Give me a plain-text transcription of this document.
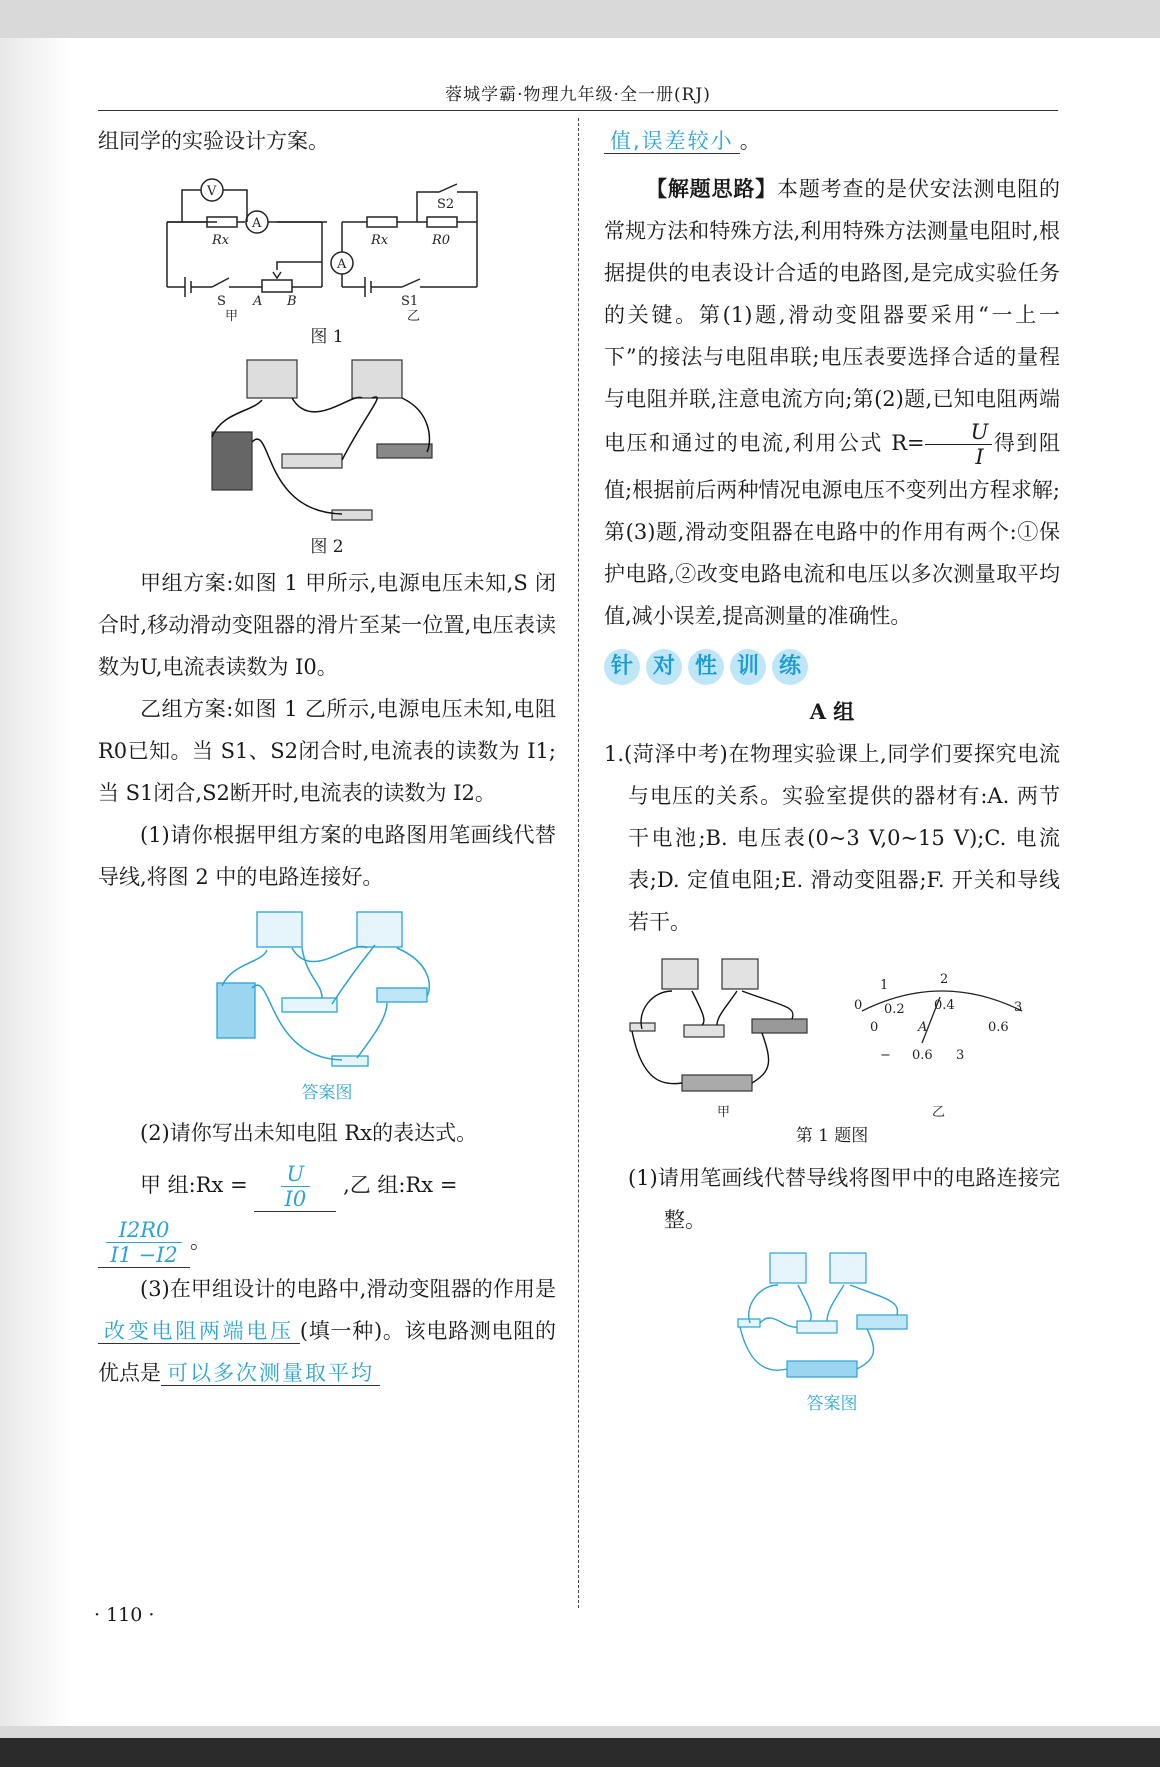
蓉城学霸·物理九年级·全一册(RJ)

组同学的实验设计方案。

V
A
Rx
S A B
甲
A
Rx	R0
S2
S1
乙

图 1

图 2

甲组方案:如图 1 甲所示,电源电压未知,S 闭合时,移动滑动变阻器的滑片至某一位置,电压表读数为U,电流表读数为 I0。

乙组方案:如图 1 乙所示,电源电压未知,电阻 R0已知。当 S1、S2闭合时,电流表的读数为 I1;当 S1闭合,S2断开时,电流表的读数为 I2。

(1)请你根据甲组方案的电路图用笔画线代替导线,将图 2 中的电路连接好。

答案图

(2)请你写出未知电阻 Rx的表达式。

甲 组:Rx = $\frac{U}{I0}$ ,乙 组:Rx =

$\frac{I2R0}{I1 -I2}$ 。

(3)在甲组设计的电路中,滑动变阻器的作用是改变电阻两端电压 (填一种)。该电路测电阻的优点是 可以多次测量取平均

值,误差较小 。

【解题思路】本题考查的是伏安法测电阻的常规方法和特殊方法,利用特殊方法测量电阻时,根据提供的电表设计合适的电路图,是完成实验任务的关键。第(1)题,滑动变阻器要采用“一上一下”的接法与电阻串联;电压表要选择合适的量程与电阻并联,注意电流方向;第(2)题,已知电阻两端电压和通过的电流,利用公式 $R= \frac{U}{I}$ 得到阻值;根据前后两种情况电源电压不变列出方程求解;第(3)题,滑动变阻器在电路中的作用有两个:①保护电路,②改变电路电流和电压以多次测量取平均值,减小误差,提高测量的准确性。

针 对 性 训 练

A 组

1.(菏泽中考)在物理实验课上,同学们要探究电流与电压的关系。实验室提供的器材有:A. 两节干电池;B. 电压表(0~3 V,0~15 V);C. 电流表;D. 定值电阻;E. 滑动变阻器;F. 开关和导线若干。

1	2
3
0 0.2 0.4
0	0.6
A
− 0.6 3
甲	乙

第 1 题图

(1)请用笔画线代替导线将图甲中的电路连接完整。

答案图

· 110 ·
